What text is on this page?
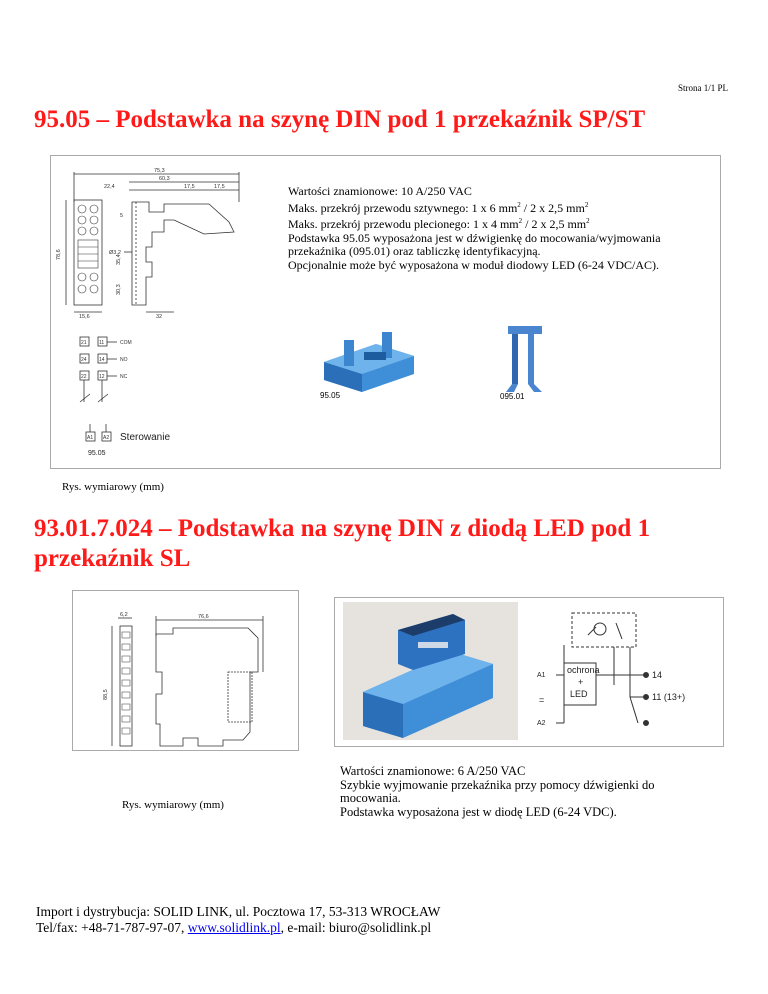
Strona 1/1 PL
95.05 – Podstawka na szynę DIN pod 1 przekaźnik SP/ST
75,3
60,3
22,4	17,5	17,5
15,6	32
78,6	Ø3,2
35,4
30,3
5
21 11
24 14
22 12
A1 A2
COM
NO
NC
Sterowanie
95.05
Wartości znamionowe: 10 A/250 VAC
Maks. przekrój przewodu sztywnego: 1 x 6 $mm^2 / 2$ x 2,5 $mm^2$
Maks. przekrój przewodu plecionego: 1 x 4 $mm^2 / 2$ x 2,5 $mm^2$
Podstawka 95.05 wyposażona jest w dźwigienkę do mocowania/wyjmowania
przekaźnika (095.01) oraz tabliczkę identyfikacyjną.
Opcjonalnie może być wyposażona w moduł diodowy LED (6-24 VDC/AC).
95.05	095.01
Rys. wymiarowy (mm)
93.01.7.024 – Podstawka na szynę DIN z diodą LED pod 1
przekaźnik SL
6,2	76,6
88,5
Rys. wymiarowy (mm)
ochrona
+
LED
A1
A2
=
14
11 (13+)
Wartości znamionowe: 6 A/250 VAC
Szybkie wyjmowanie przekaźnika przy pomocy dźwigienki do
mocowania.
Podstawka wyposażona jest w diodę LED (6-24 VDC).
Import i dystrybucja: SOLID LINK, ul. Pocztowa 17, 53-313 WROCŁAW
Tel/fax: +48-71-787-97-07, www.solidlink.pl, e-mail: biuro@solidlink.pl
